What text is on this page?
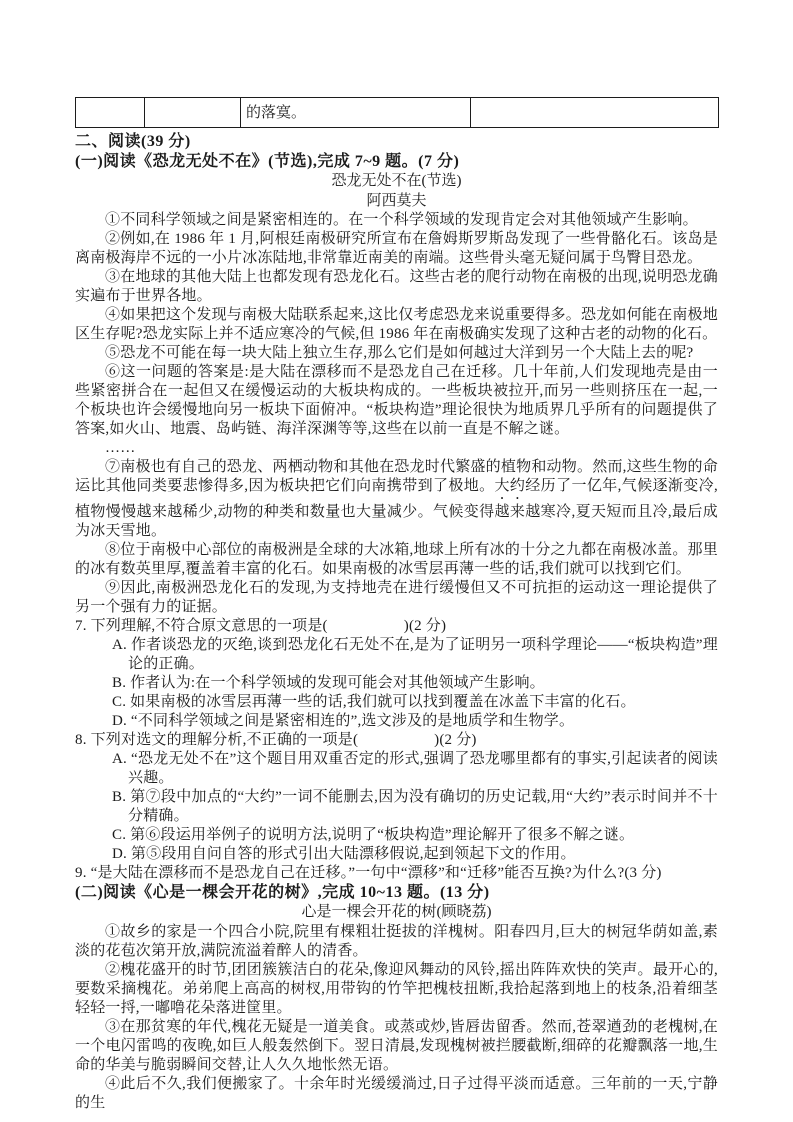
		的落寞。	
二、阅读(39 分)
(一)阅读《恐龙无处不在》(节选),完成 7~9 题。(7 分)
恐龙无处不在(节选)
阿西莫夫

①不同科学领域之间是紧密相连的。在一个科学领域的发现肯定会对其他领域产生影响。

②例如,在 1986 年 1 月,阿根廷南极研究所宣布在詹姆斯罗斯岛发现了一些骨骼化石。该岛是离南极海岸不远的一小片冰冻陆地,非常靠近南美的南端。这些骨头毫无疑问属于鸟臀目恐龙。

③在地球的其他大陆上也都发现有恐龙化石。这些古老的爬行动物在南极的出现,说明恐龙确实遍布于世界各地。

④如果把这个发现与南极大陆联系起来,这比仅考虑恐龙来说重要得多。恐龙如何能在南极地区生存呢?恐龙实际上并不适应寒冷的气候,但 1986 年在南极确实发现了这种古老的动物的化石。

⑤恐龙不可能在每一块大陆上独立生存,那么它们是如何越过大洋到另一个大陆上去的呢?

⑥这一问题的答案是:是大陆在漂移而不是恐龙自己在迁移。几十年前,人们发现地壳是由一些紧密拼合在一起但又在缓慢运动的大板块构成的。一些板块被拉开,而另一些则挤压在一起,一个板块也许会缓慢地向另一板块下面俯冲。“板块构造”理论很快为地质界几乎所有的问题提供了答案,如火山、地震、岛屿链、海洋深渊等等,这些在以前一直是不解之谜。

……

⑦南极也有自己的恐龙、两栖动物和其他在恐龙时代繁盛的植物和动物。然而,这些生物的命运比其他同类要悲惨得多,因为板块把它们向南携带到了极地。大约经历了一亿年,气候逐渐变冷,植物慢慢越来越稀少,动物的种类和数量也大量减少。气候变得越来越寒冷,夏天短而且冷,最后成为冰天雪地。

⑧位于南极中心部位的南极洲是全球的大冰箱,地球上所有冰的十分之九都在南极冰盖。那里的冰有数英里厚,覆盖着丰富的化石。如果南极的冰雪层再薄一些的话,我们就可以找到它们。

⑨因此,南极洲恐龙化石的发现,为支持地壳在进行缓慢但又不可抗拒的运动这一理论提供了另一个强有力的证据。

7. 下列理解,不符合原文意思的一项是(　　　　　)(2 分)

A. 作者谈恐龙的灭绝,谈到恐龙化石无处不在,是为了证明另一项科学理论——“板块构造”理论的正确。

B. 作者认为:在一个科学领域的发现可能会对其他领域产生影响。

C. 如果南极的冰雪层再薄一些的话,我们就可以找到覆盖在冰盖下丰富的化石。

D. “不同科学领域之间是紧密相连的”,选文涉及的是地质学和生物学。

8. 下列对选文的理解分析,不正确的一项是(　　　　　)(2 分)

A. “恐龙无处不在”这个题目用双重否定的形式,强调了恐龙哪里都有的事实,引起读者的阅读兴趣。

B. 第⑦段中加点的“大约”一词不能删去,因为没有确切的历史记载,用“大约”表示时间并不十分精确。

C. 第⑥段运用举例子的说明方法,说明了“板块构造”理论解开了很多不解之谜。

D. 第⑤段用自问自答的形式引出大陆漂移假说,起到领起下文的作用。

9. “是大陆在漂移而不是恐龙自己在迁移。”一句中“漂移”和“迁移”能否互换?为什么?(3 分)

(二)阅读《心是一棵会开花的树》,完成 10~13 题。(13 分)
心是一棵会开花的树(顾晓荔)

①故乡的家是一个四合小院,院里有棵粗壮挺拔的洋槐树。阳春四月,巨大的树冠华荫如盖,素淡的花苞次第开放,满院流溢着醉人的清香。

②槐花盛开的时节,团团簇簇洁白的花朵,像迎风舞动的风铃,摇出阵阵欢快的笑声。最开心的,要数采摘槐花。弟弟爬上高高的树杈,用带钩的竹竿把槐枝扭断,我拾起落到地上的枝条,沿着细茎轻轻一捋,一嘟噜花朵落进筐里。

③在那贫寒的年代,槐花无疑是一道美食。或蒸或炒,皆唇齿留香。然而,苍翠遒劲的老槐树,在一个电闪雷鸣的夜晚,如巨人般轰然倒下。翌日清晨,发现槐树被拦腰截断,细碎的花瓣飘落一地,生命的华美与脆弱瞬间交替,让人久久地怅然无语。

④此后不久,我们便搬家了。十余年时光缓缓淌过,日子过得平淡而适意。三年前的一天,宁静的生
